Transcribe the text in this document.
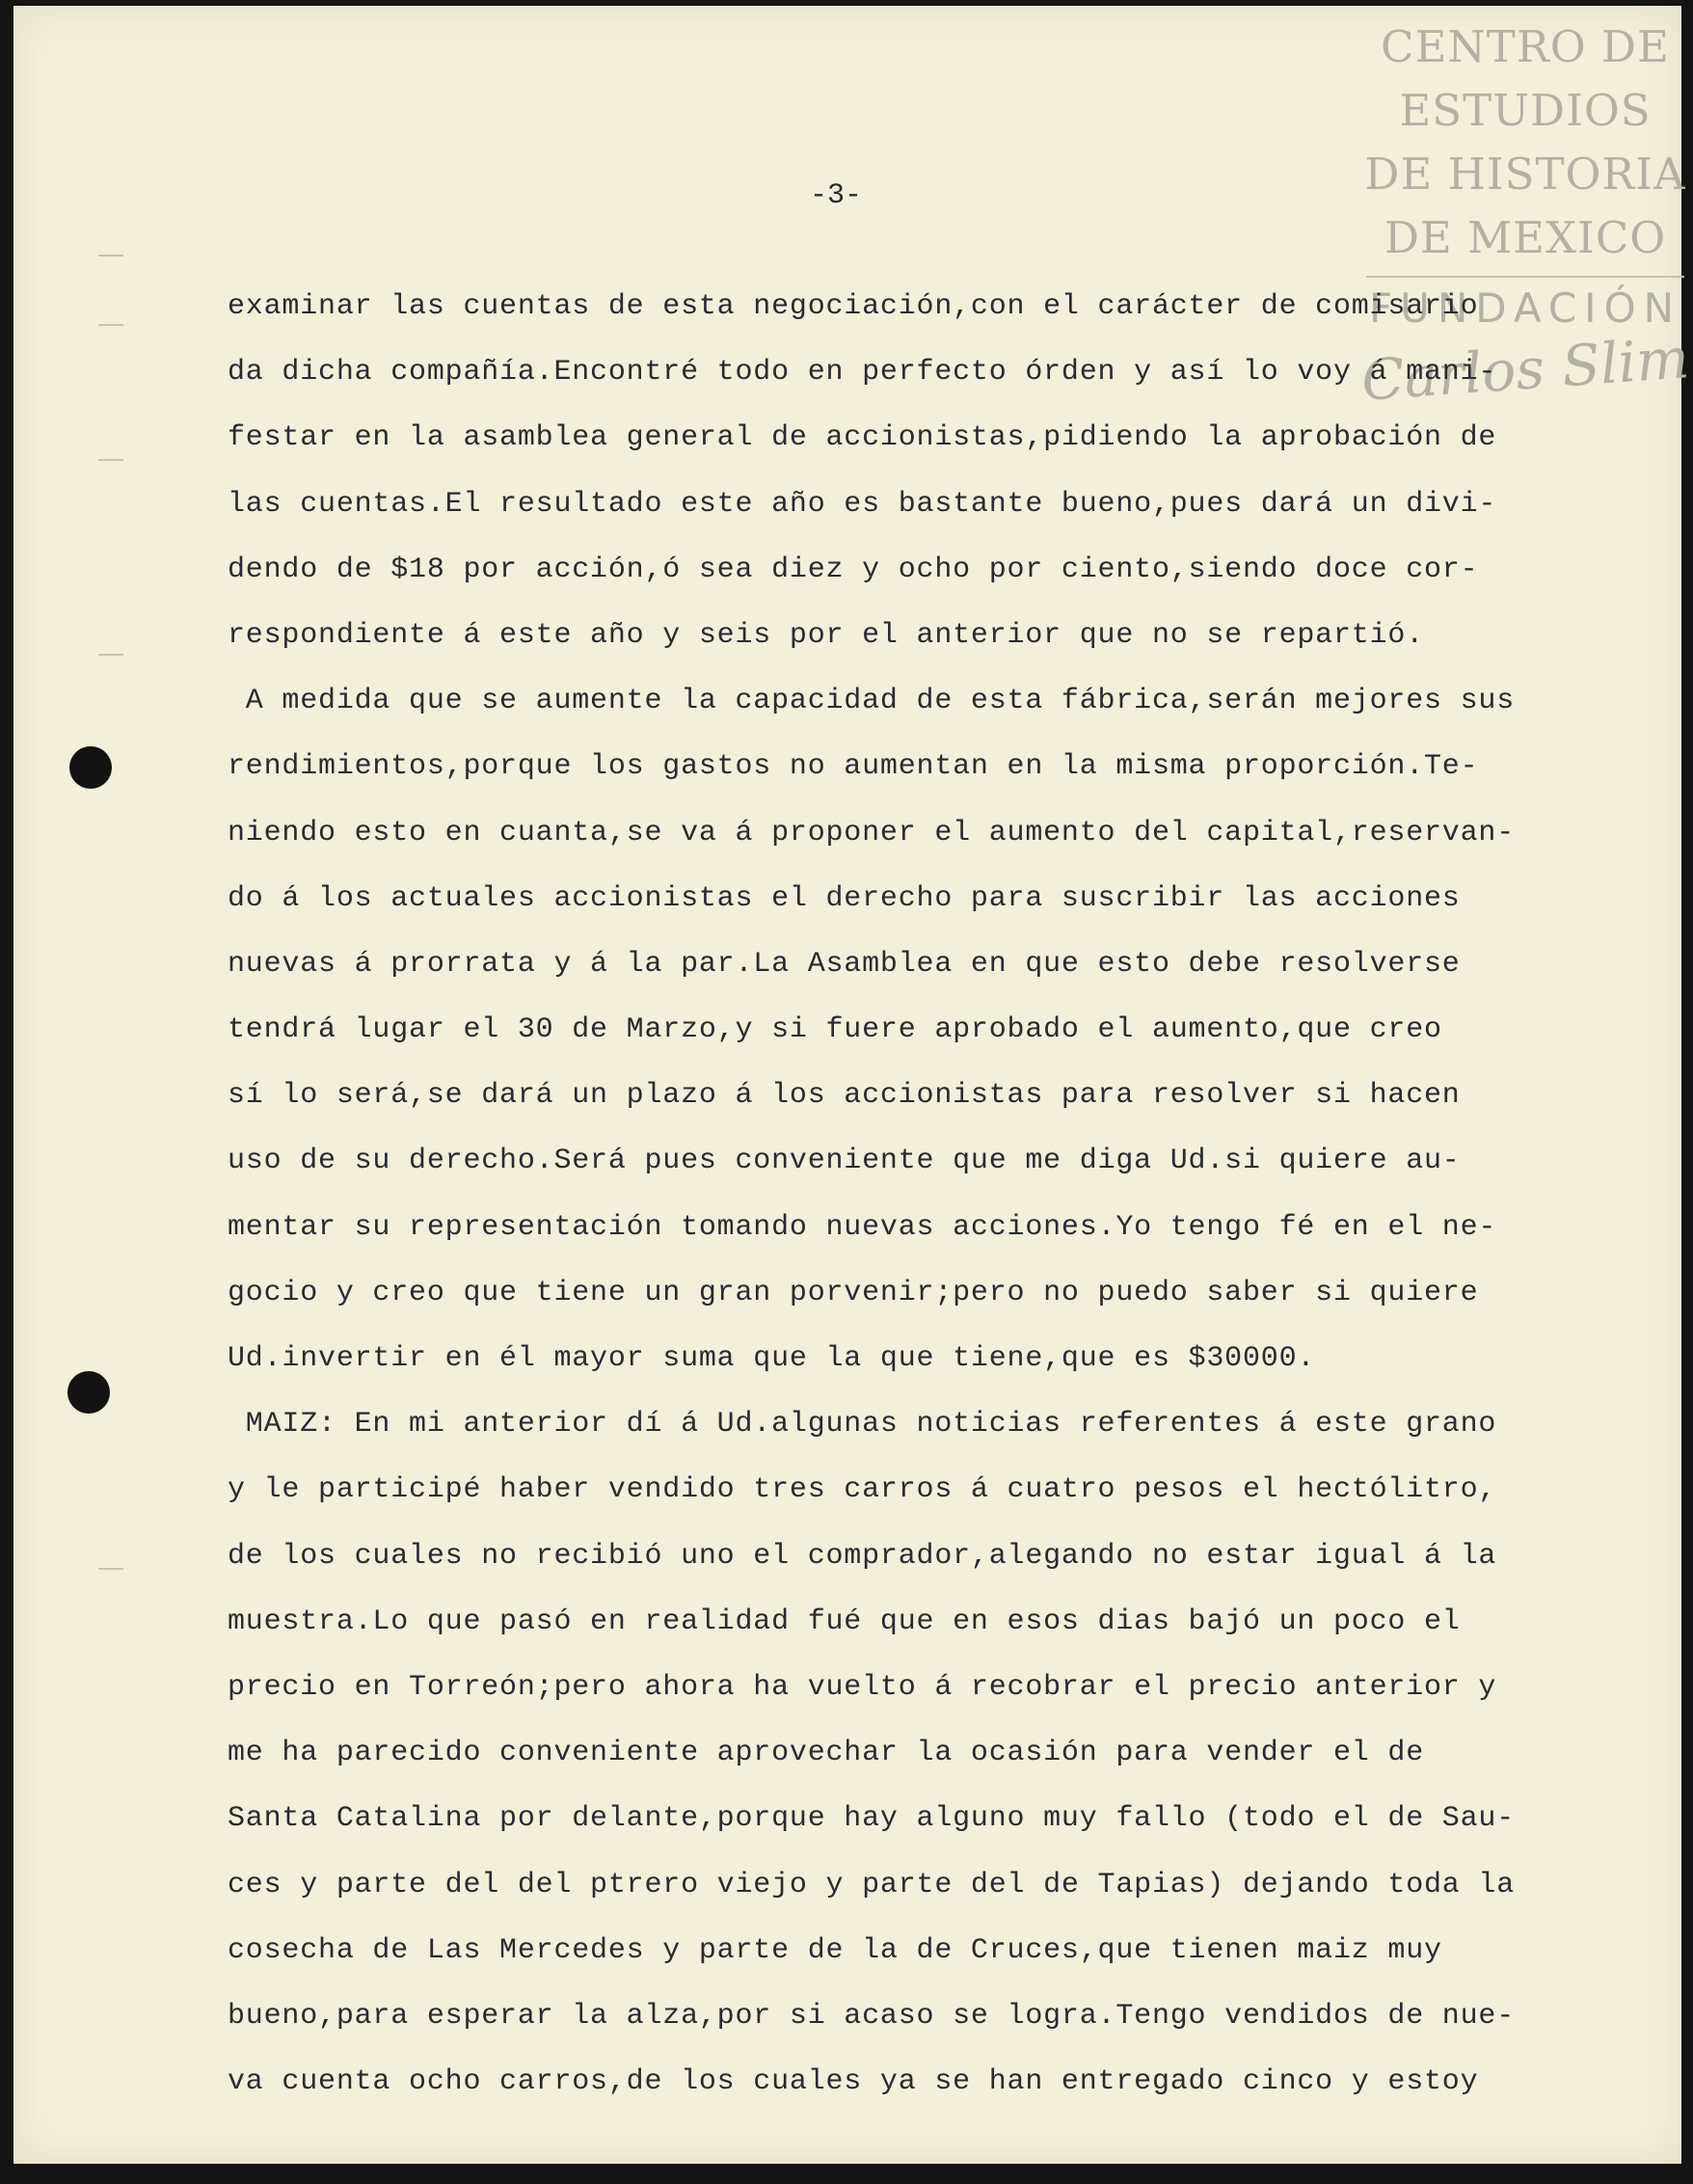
CENTRO DE
ESTUDIOS
DE HISTORIA
DE MEXICO
FUNDACIÓN
Carlos Slim
-3-
examinar las cuentas de esta negociación,con el carácter de comisario
da dicha compañía.Encontré todo en perfecto órden y así lo voy á mani-
festar en la asamblea general de accionistas,pidiendo la aprobación de
las cuentas.El resultado este año es bastante bueno,pues dará un divi-
dendo de $18 por acción,ó sea diez y ocho por ciento,siendo doce cor-
respondiente á este año y seis por el anterior que no se repartió.
A medida que se aumente la capacidad de esta fábrica,serán mejores sus
rendimientos,porque los gastos no aumentan en la misma proporción.Te-
niendo esto en cuanta,se va á proponer el aumento del capital,reservan-
do á los actuales accionistas el derecho para suscribir las acciones
nuevas á prorrata y á la par.La Asamblea en que esto debe resolverse
tendrá lugar el 30 de Marzo,y si fuere aprobado el aumento,que creo
sí lo será,se dará un plazo á los accionistas para resolver si hacen
uso de su derecho.Será pues conveniente que me diga Ud.si quiere au-
mentar su representación tomando nuevas acciones.Yo tengo fé en el ne-
gocio y creo que tiene un gran porvenir;pero no puedo saber si quiere
Ud.invertir en él mayor suma que la que tiene,que es $30000.
MAIZ: En mi anterior dí á Ud.algunas noticias referentes á este grano
y le participé haber vendido tres carros á cuatro pesos el hectólitro,
de los cuales no recibió uno el comprador,alegando no estar igual á la
muestra.Lo que pasó en realidad fué que en esos dias bajó un poco el
precio en Torreón;pero ahora ha vuelto á recobrar el precio anterior y
me ha parecido conveniente aprovechar la ocasión para vender el de
Santa Catalina por delante,porque hay alguno muy fallo (todo el de Sau-
ces y parte del del ptrero viejo y parte del de Tapias) dejando toda la
cosecha de Las Mercedes y parte de la de Cruces,que tienen maiz muy
bueno,para esperar la alza,por si acaso se logra.Tengo vendidos de nue-
va cuenta ocho carros,de los cuales ya se han entregado cinco y estoy
